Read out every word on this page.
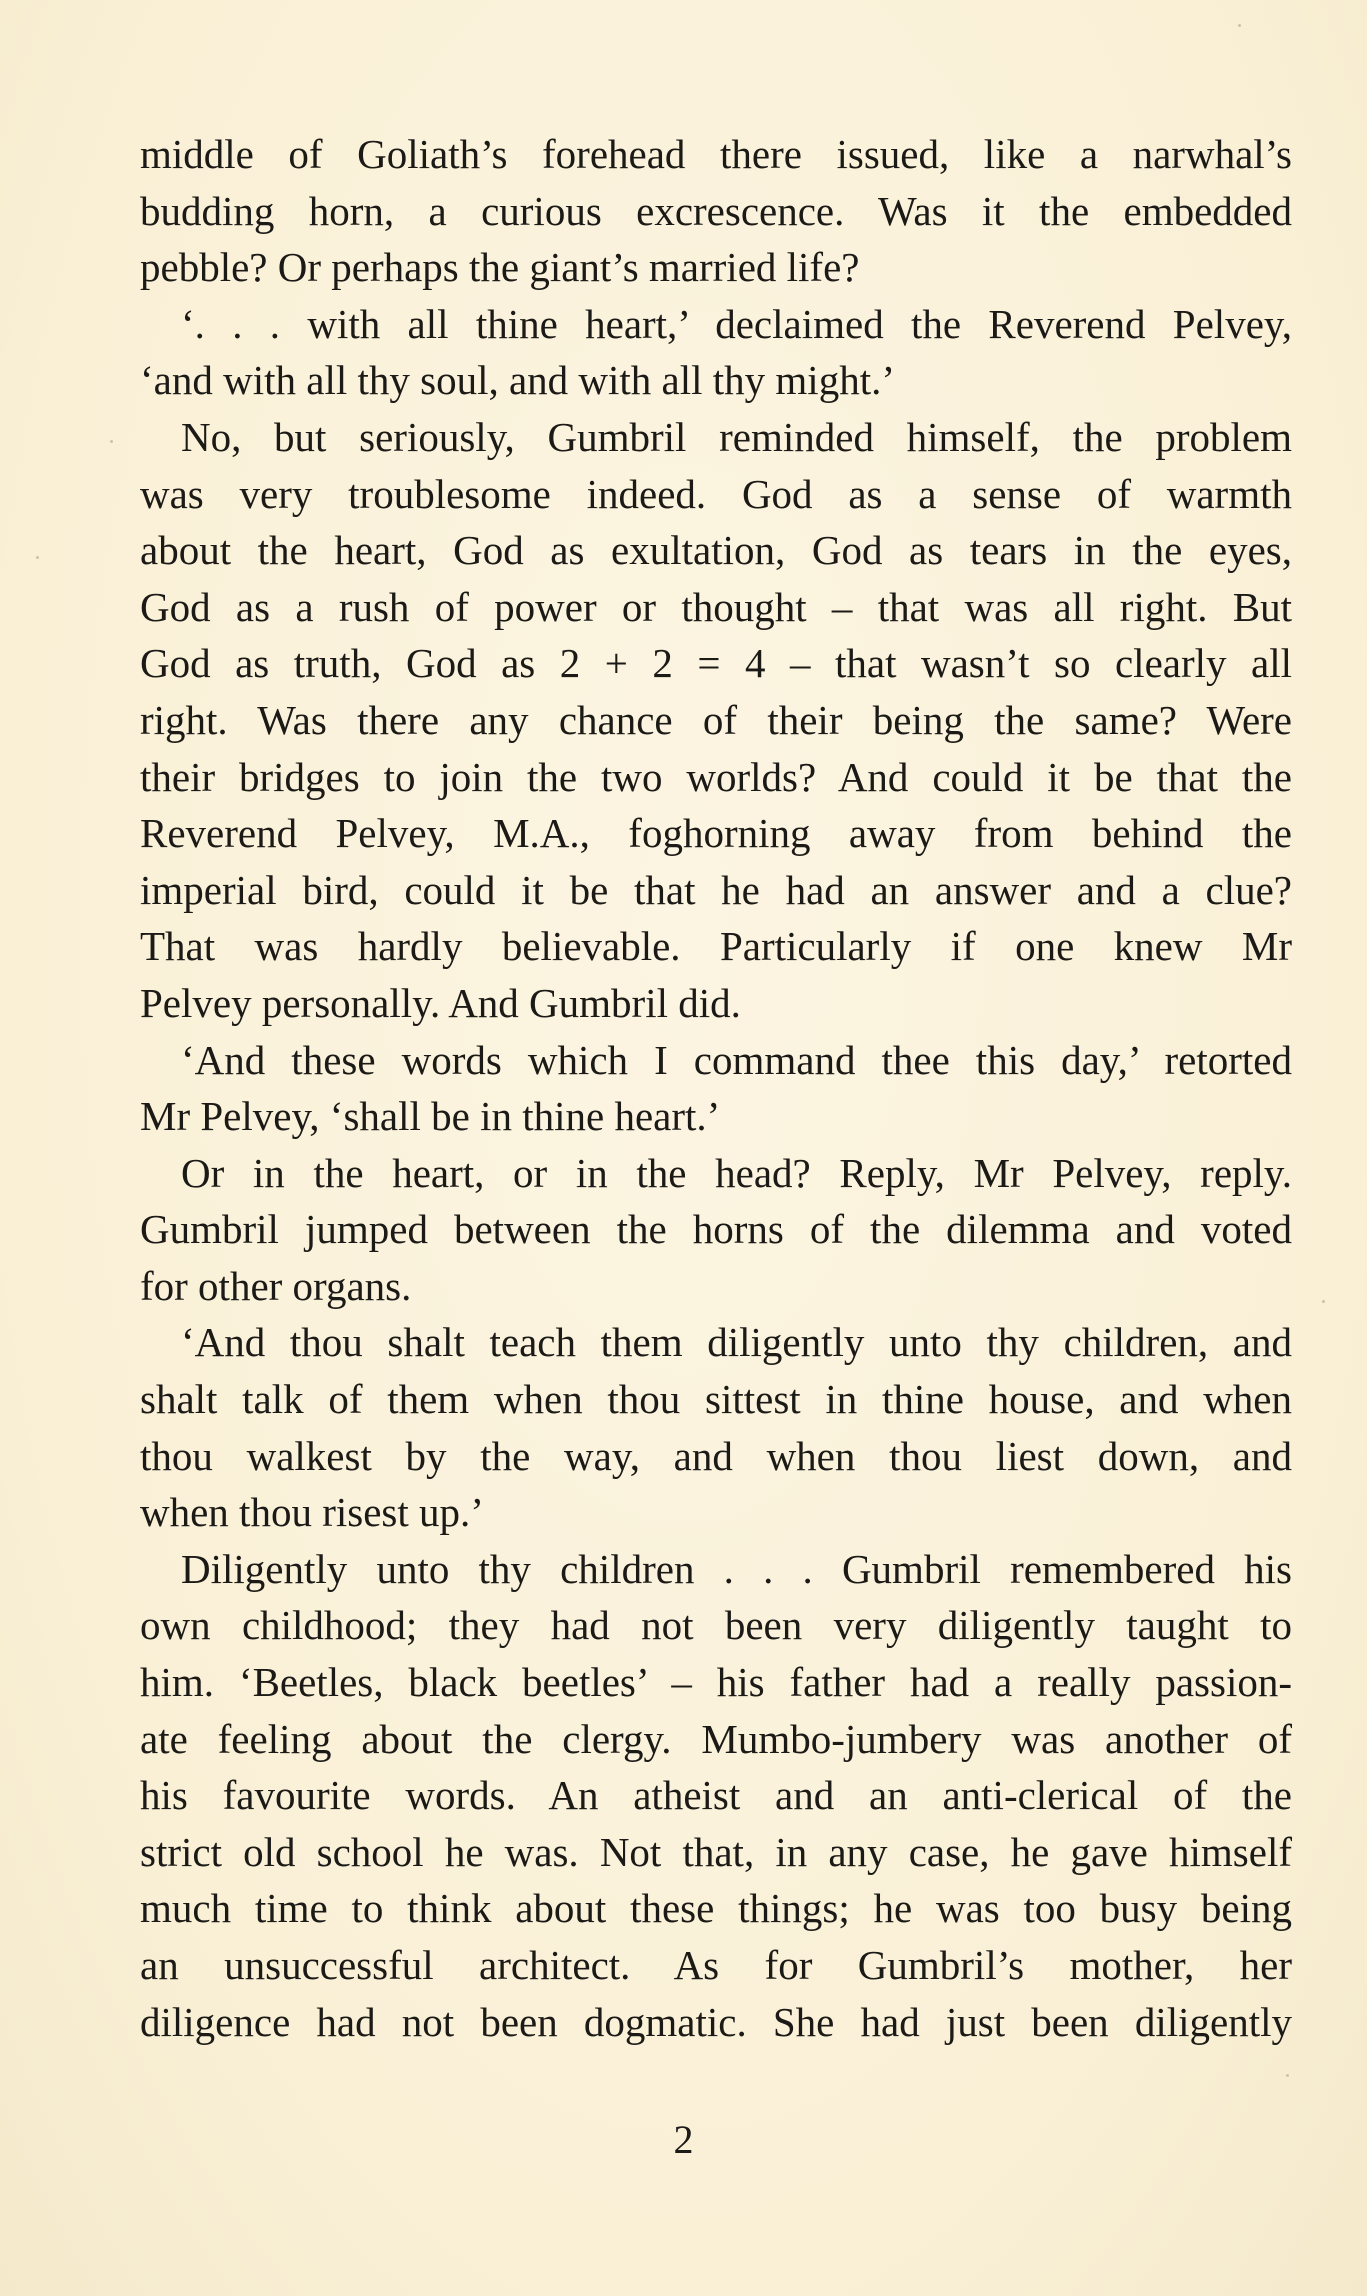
middle of Goliath’s forehead there issued, like a narwhal’s
budding horn, a curious excrescence. Was it the embedded
pebble? Or perhaps the giant’s married life?
‘. . . with all thine heart,’ declaimed the Reverend Pelvey,
‘and with all thy soul, and with all thy might.’
No, but seriously, Gumbril reminded himself, the problem
was very troublesome indeed. God as a sense of warmth
about the heart, God as exultation, God as tears in the eyes,
God as a rush of power or thought – that was all right. But
God as truth, God as 2 + 2 = 4 – that wasn’t so clearly all
right. Was there any chance of their being the same? Were
their bridges to join the two worlds? And could it be that the
Reverend Pelvey, M.A., foghorning away from behind the
imperial bird, could it be that he had an answer and a clue?
That was hardly believable. Particularly if one knew Mr
Pelvey personally. And Gumbril did.
‘And these words which I command thee this day,’ retorted
Mr Pelvey, ‘shall be in thine heart.’
Or in the heart, or in the head? Reply, Mr Pelvey, reply.
Gumbril jumped between the horns of the dilemma and voted
for other organs.
‘And thou shalt teach them diligently unto thy children, and
shalt talk of them when thou sittest in thine house, and when
thou walkest by the way, and when thou liest down, and
when thou risest up.’
Diligently unto thy children . . . Gumbril remembered his
own childhood; they had not been very diligently taught to
him. ‘Beetles, black beetles’ – his father had a really passion-
ate feeling about the clergy. Mumbo-jumbery was another of
his favourite words. An atheist and an anti-clerical of the
strict old school he was. Not that, in any case, he gave himself
much time to think about these things; he was too busy being
an unsuccessful architect. As for Gumbril’s mother, her
diligence had not been dogmatic. She had just been diligently
2
